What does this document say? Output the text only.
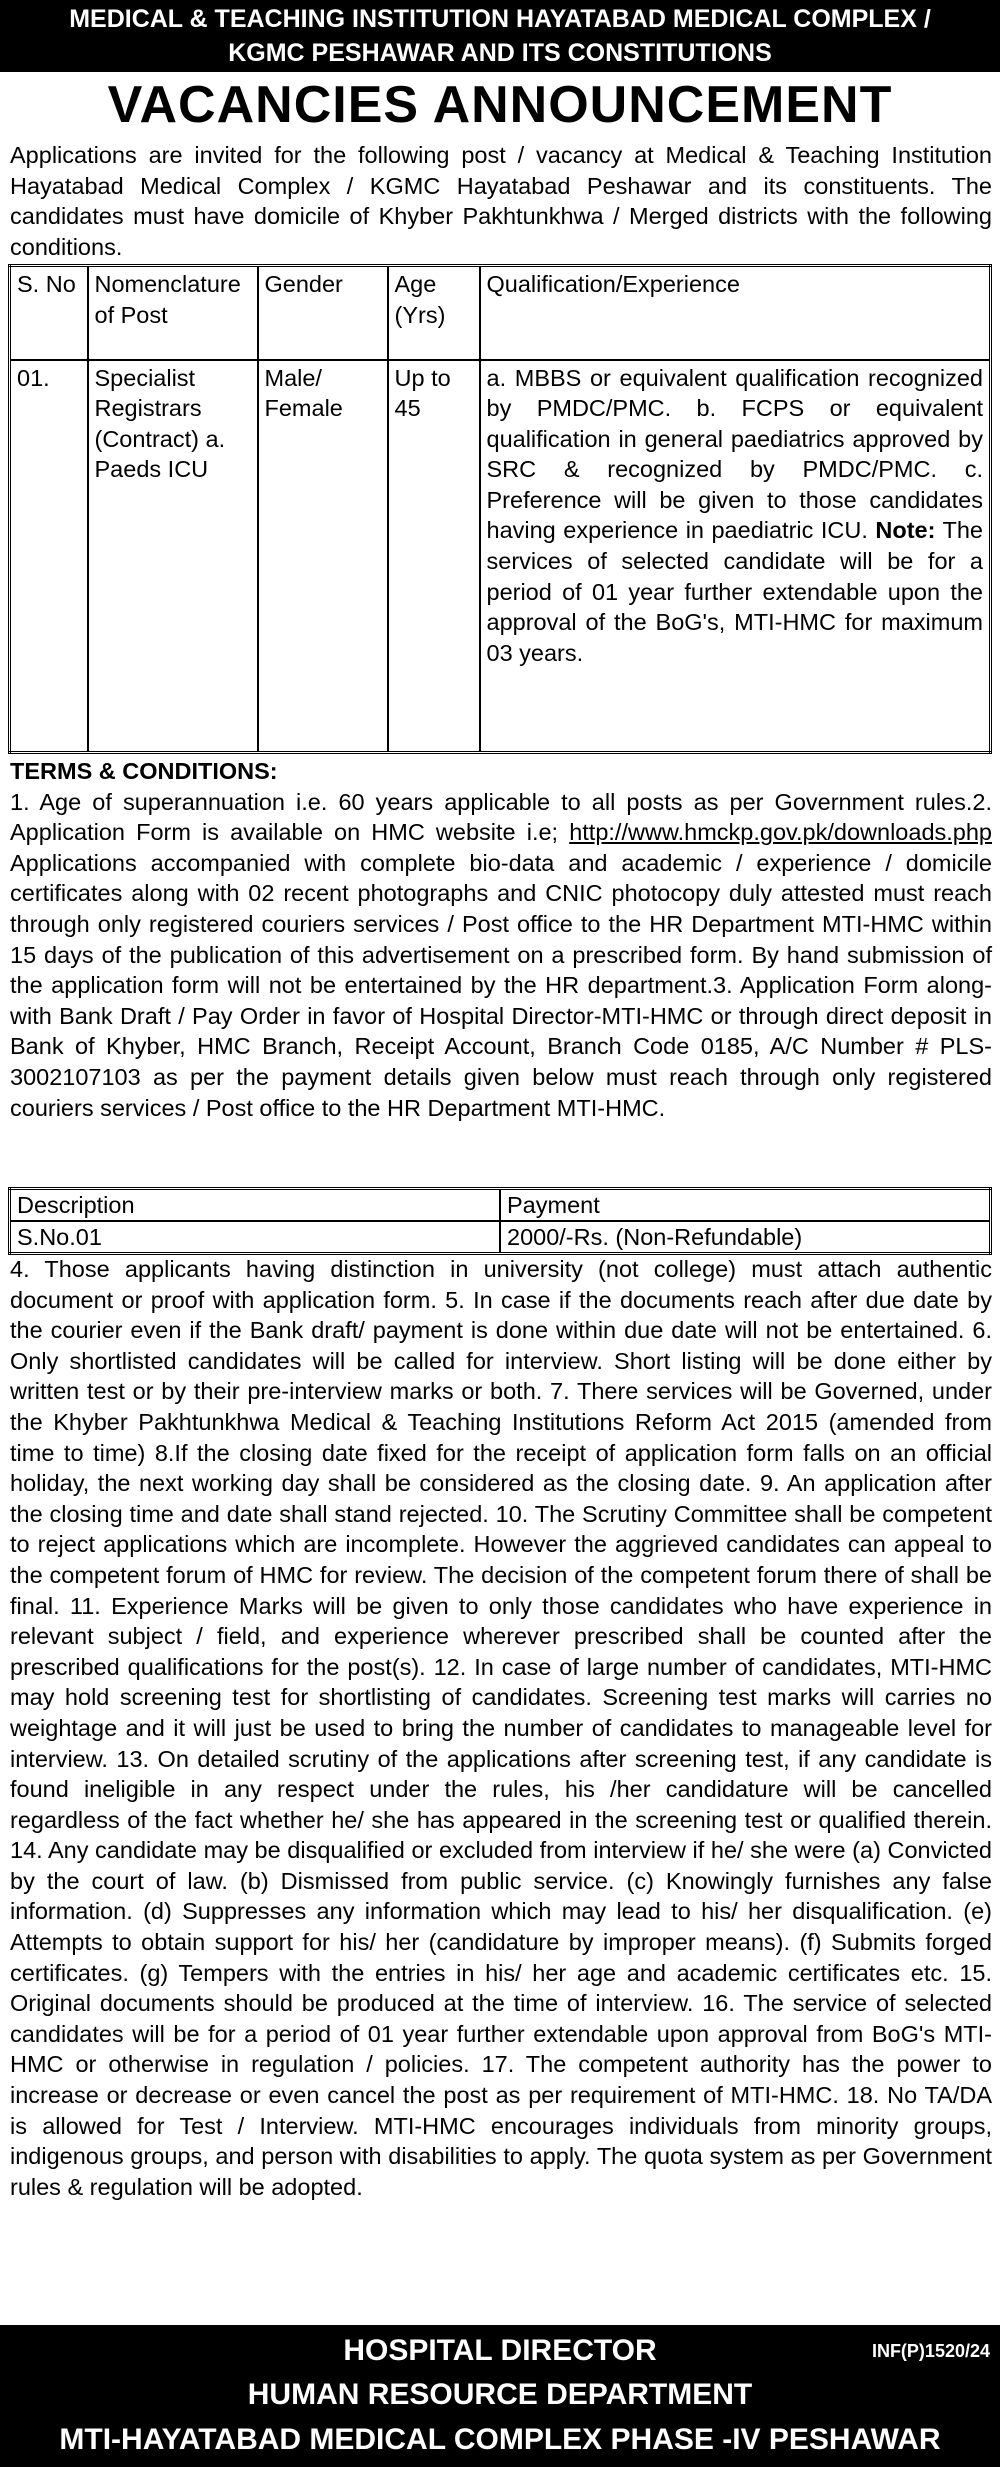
MEDICAL & TEACHING INSTITUTION HAYATABAD MEDICAL COMPLEX /
KGMC PESHAWAR AND ITS CONSTITUTIONS
VACANCIES ANNOUNCEMENT

Applications are invited for the following post / vacancy at Medical & Teaching Institution Hayatabad Medical Complex / KGMC Hayatabad Peshawar and its constituents. The candidates must have domicile of Khyber Pakhtunkhwa / Merged districts with the following conditions.

S. No	Nomenclature of Post	Gender	Age (Yrs)	Qualification/Experience
01.	Specialist Registrars (Contract) a. Paeds ICU	Male/ Female	Up to 45	a. MBBS or equivalent qualification recognized by PMDC/PMC. b. FCPS or equivalent qualification in general paediatrics approved by SRC & recognized by PMDC/PMC. c. Preference will be given to those candidates having experience in paediatric ICU. Note: The services of selected candidate will be for a period of 01 year further extendable upon the approval of the BoG's, MTI-HMC for maximum 03 years.
TERMS & CONDITIONS:
1. Age of superannuation i.e. 60 years applicable to all posts as per Government rules.2. Application Form is available on HMC website i.e; http://www.hmckp.gov.pk/downloads.php Applications accompanied with complete bio-data and academic / experience / domicile certificates along with 02 recent photographs and CNIC photocopy duly attested must reach through only registered couriers services / Post office to the HR Department MTI-HMC within 15 days of the publication of this advertisement on a prescribed form. By hand submission of the application form will not be entertained by the HR department.3. Application Form along-with Bank Draft / Pay Order in favor of Hospital Director-MTI-HMC or through direct deposit in Bank of Khyber, HMC Branch, Receipt Account, Branch Code 0185, A/C Number # PLS-3002107103 as per the payment details given below must reach through only registered couriers services / Post office to the HR Department MTI-HMC.
Description	Payment
S.No.01	2000/-Rs. (Non-Refundable)

4. Those applicants having distinction in university (not college) must attach authentic document or proof with application form. 5. In case if the documents reach after due date by the courier even if the Bank draft/ payment is done within due date will not be entertained. 6. Only shortlisted candidates will be called for interview. Short listing will be done either by written test or by their pre-interview marks or both. 7. There services will be Governed, under the Khyber Pakhtunkhwa Medical & Teaching Institutions Reform Act 2015 (amended from time to time) 8.If the closing date fixed for the receipt of application form falls on an official holiday, the next working day shall be considered as the closing date. 9. An application after the closing time and date shall stand rejected. 10. The Scrutiny Committee shall be competent to reject applications which are incomplete. However the aggrieved candidates can appeal to the competent forum of HMC for review. The decision of the competent forum there of shall be final. 11. Experience Marks will be given to only those candidates who have experience in relevant subject / field, and experience wherever prescribed shall be counted after the prescribed qualifications for the post(s). 12. In case of large number of candidates, MTI-HMC may hold screening test for shortlisting of candidates. Screening test marks will carries no weightage and it will just be used to bring the number of candidates to manageable level for interview. 13. On detailed scrutiny of the applications after screening test, if any candidate is found ineligible in any respect under the rules, his /her candidature will be cancelled regardless of the fact whether he/ she has appeared in the screening test or qualified therein. 14. Any candidate may be disqualified or excluded from interview if he/ she were (a) Convicted by the court of law. (b) Dismissed from public service. (c) Knowingly furnishes any false information. (d) Suppresses any information which may lead to his/ her disqualification. (e) Attempts to obtain support for his/ her (candidature by improper means). (f) Submits forged certificates. (g) Tempers with the entries in his/ her age and academic certificates etc. 15. Original documents should be produced at the time of interview. 16. The service of selected candidates will be for a period of 01 year further extendable upon approval from BoG's MTI-HMC or otherwise in regulation / policies. 17. The competent authority has the power to increase or decrease or even cancel the post as per requirement of MTI-HMC. 18. No TA/DA is allowed for Test / Interview. MTI-HMC encourages individuals from minority groups, indigenous groups, and person with disabilities to apply. The quota system as per Government rules & regulation will be adopted.

HOSPITAL DIRECTOR	INF(P)1520/24
HUMAN RESOURCE DEPARTMENT
MTI-HAYATABAD MEDICAL COMPLEX PHASE -IV PESHAWAR
